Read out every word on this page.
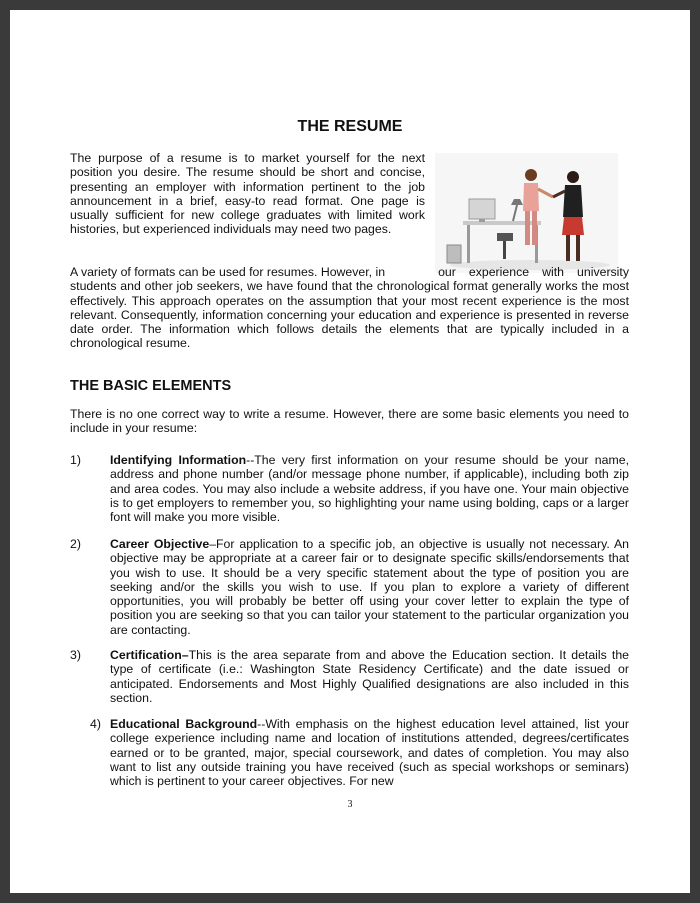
THE RESUME
The purpose of a resume is to market yourself for the next position you desire. The resume should be short and concise, presenting an employer with information pertinent to the job announcement in a brief, easy-to read format. One page is usually sufficient for new college graduates with limited work histories, but experienced individuals may need two pages.
A variety of formats can be used for resumes. However, in	our experience with university students and other job seekers, we have found that the chronological format generally works the most effectively. This approach operates on the assumption that your most recent experience is the most relevant. Consequently, information concerning your education and experience is presented in reverse date order. The information which follows details the elements that are typically included in a chronological resume.
THE BASIC ELEMENTS
There is no one correct way to write a resume. However, there are some basic elements you need to include in your resume:
1) Identifying Information--The very first information on your resume should be your name, address and phone number (and/or message phone number, if applicable), including both zip and area codes. You may also include a website address, if you have one. Your main objective is to get employers to remember you, so highlighting your name using bolding, caps or a larger font will make you more visible.
2) Career Objective–For application to a specific job, an objective is usually not necessary. An objective may be appropriate at a career fair or to designate specific skills/endorsements that you wish to use. It should be a very specific statement about the type of position you are seeking and/or the skills you wish to use. If you plan to explore a variety of different opportunities, you will probably be better off using your cover letter to explain the type of position you are seeking so that you can tailor your statement to the particular organization you are contacting.
3) Certification–This is the area separate from and above the Education section. It details the type of certificate (i.e.: Washington State Residency Certificate) and the date issued or anticipated. Endorsements and Most Highly Qualified designations are also included in this section.
4) Educational Background--With emphasis on the highest education level attained, list your college experience including name and location of institutions attended, degrees/certificates earned or to be granted, major, special coursework, and dates of completion. You may also want to list any outside training you have received (such as special workshops or seminars) which is pertinent to your career objectives. For new
3
